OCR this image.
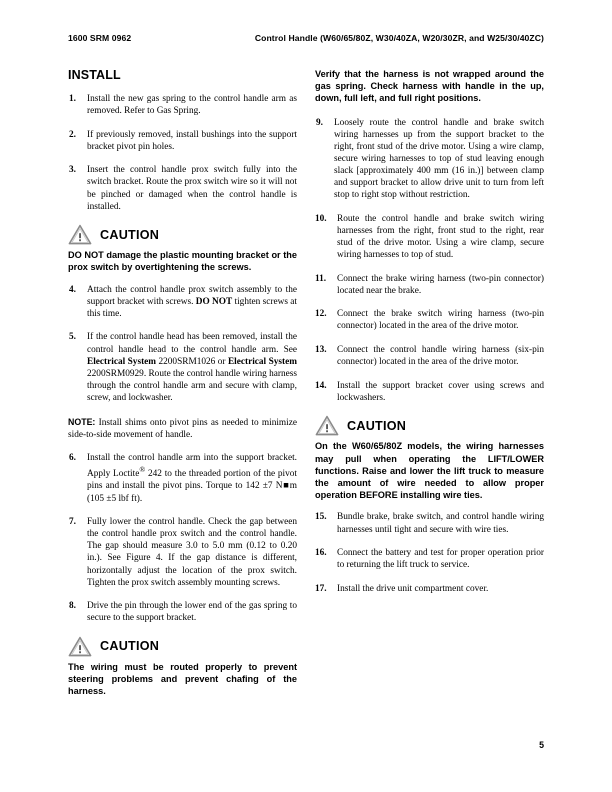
1600 SRM 0962	Control Handle (W60/65/80Z, W30/40ZA, W20/30ZR, and W25/30/40ZC)
INSTALL
1.	Install the new gas spring to the control handle arm as removed. Refer to Gas Spring.
2.	If previously removed, install bushings into the support bracket pivot pin holes.
3.	Insert the control handle prox switch fully into the switch bracket. Route the prox switch wire so it will not be pinched or damaged when the control handle is installed.
CAUTION
DO NOT damage the plastic mounting bracket or the prox switch by overtightening the screws.
4.	Attach the control handle prox switch assembly to the support bracket with screws. DO NOT tighten screws at this time.
5.	If the control handle head has been removed, install the control handle head to the control handle arm. See Electrical System 2200SRM1026 or Electrical System 2200SRM0929. Route the control handle wiring harness through the control handle arm and secure with clamp, screw, and lockwasher.
NOTE: Install shims onto pivot pins as needed to minimize side-to-side movement of handle.
6.	Install the control handle arm into the support bracket. Apply Loctite® 242 to the threaded portion of the pivot pins and install the pivot pins. Torque to 142 ±7 N■m (105 ±5 lbf ft).
7.	Fully lower the control handle. Check the gap between the control handle prox switch and the control handle. The gap should measure 3.0 to 5.0 mm (0.12 to 0.20 in.). See Figure 4. If the gap distance is different, horizontally adjust the location of the prox switch. Tighten the prox switch assembly mounting screws.
8.	Drive the pin through the lower end of the gas spring to secure to the support bracket.
CAUTION
The wiring must be routed properly to prevent steering problems and prevent chafing of the harness.
Verify that the harness is not wrapped around the gas spring. Check harness with handle in the up, down, full left, and full right positions.
9.	Loosely route the control handle and brake switch wiring harnesses up from the support bracket to the right, front stud of the drive motor. Using a wire clamp, secure wiring harnesses to top of stud leaving enough slack [approximately 400 mm (16 in.)] between clamp and support bracket to allow drive unit to turn from left stop to right stop without restriction.
10.	Route the control handle and brake switch wiring harnesses from the right, front stud to the right, rear stud of the drive motor. Using a wire clamp, secure wiring harnesses to top of stud.
11.	Connect the brake wiring harness (two-pin connector) located near the brake.
12.	Connect the brake switch wiring harness (two-pin connector) located in the area of the drive motor.
13.	Connect the control handle wiring harness (six-pin connector) located in the area of the drive motor.
14.	Install the support bracket cover using screws and lockwashers.
CAUTION
On the W60/65/80Z models, the wiring harnesses may pull when operating the LIFT/LOWER functions. Raise and lower the lift truck to measure the amount of wire needed to allow proper operation BEFORE installing wire ties.
15.	Bundle brake, brake switch, and control handle wiring harnesses until tight and secure with wire ties.
16.	Connect the battery and test for proper operation prior to returning the lift truck to service.
17.	Install the drive unit compartment cover.
5
